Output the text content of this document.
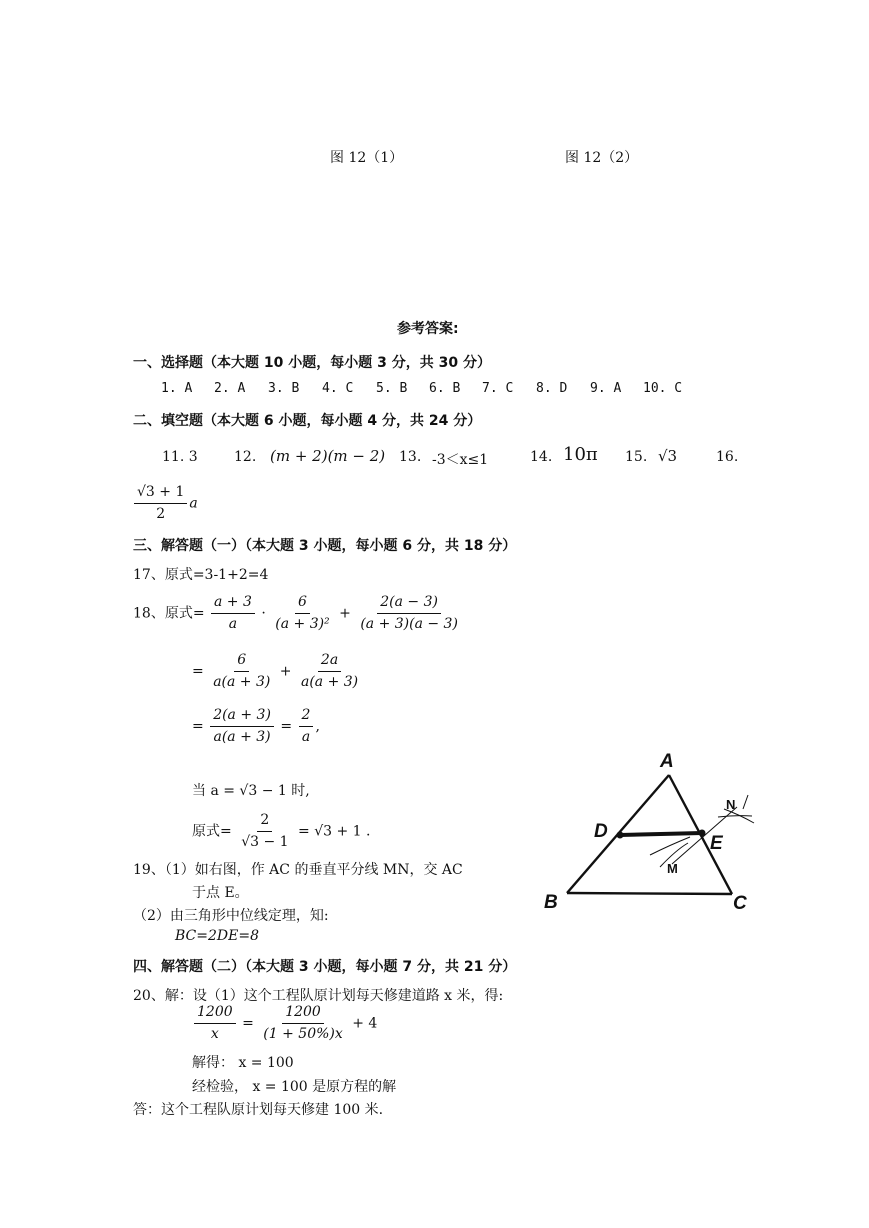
图 12（1）	图 12（2）
参考答案:
一、选择题（本大题 10 小题，每小题 3 分，共 30 分）
1. A 2. A 3. B 4. C 5. B 6. B 7. C 8. D 9. A 10. C
二、填空题（本大题 6 小题，每小题 4 分，共 24 分）
11. 3	12. (m + 2)(m − 2) 13. -3＜x≤1	14. 10π 15. √3	16.
$\frac{√3 + 1}{2}$ a
三、解答题（一）（本大题 3 小题，每小题 6 分，共 18 分）
17、原式=3-1+2=4
18、原式= $\frac{a + 3}{a} \cdot \frac{6}{\text{(a + 3)²}} + \frac{2(a - 3)}{(a + 3)(a - 3)}$
= $\frac{6}{a(a + 3)} + \frac{2a}{a(a + 3)}$
= $\frac{2(a + 3)}{a(a + 3)} = \frac{2}{a}$ ,
当 a = √3 − 1 时,
原式= $\frac{2}{√3 - 1} = √3 + 1$ .
19、（1）如右图，作 AC 的垂直平分线 MN，交 AC
于点 E。
（2）由三角形中位线定理，知:
BC=2DE=8
A
B	C
D
E
M
N
四、解答题（二）（本大题 3 小题，每小题 7 分，共 21 分）
20、解：设（1）这个工程队原计划每天修建道路 x 米，得:
$\frac{1200}{x} = \frac{1200}{(1 + 50\%)x} + 4$
解得： x = 100
经检验， x = 100 是原方程的解
答：这个工程队原计划每天修建 100 米.
